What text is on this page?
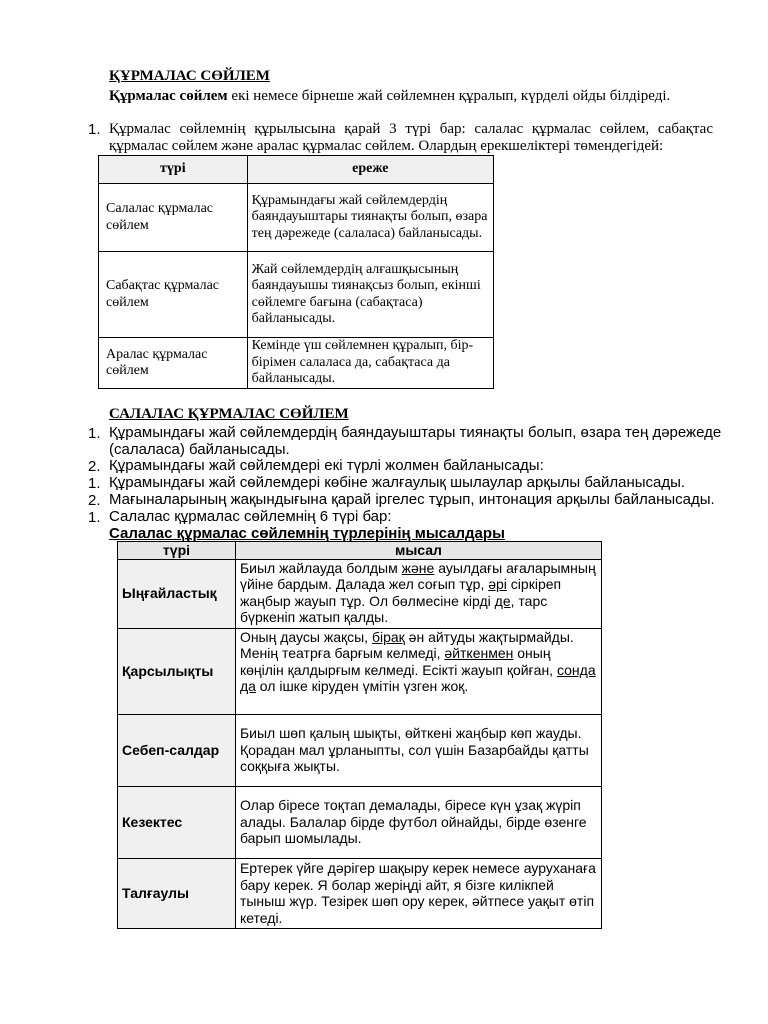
ҚҰРМАЛАС СӨЙЛЕМ
Құрмалас сөйлем екі немесе бірнеше жай сөйлемнен құралып, күрделі ойды білдіреді.
1. Құрмалас сөйлемнің құрылысына қарай 3 түрі бар: салалас құрмалас сөйлем, сабақтас құрмалас сөйлем және аралас құрмалас сөйлем. Олардың ерекшеліктері төмендегідей:
түрі	ереже
Салалас құрмалас сөйлем	Құрамындағы жай сөйлемдердің баяндауыштары тиянақты болып, өзара тең дәрежеде (салаласа) байланысады.
Сабақтас құрмалас сөйлем	Жай сөйлемдердің алғашқысының баяндауышы тиянақсыз болып, екінші сөйлемге бағына (сабақтаса) байланысады.
Аралас құрмалас сөйлем	Кемінде үш сөйлемнен құралып, бір-бірімен салаласа да, сабақтаса да байланысады.
САЛАЛАС ҚҰРМАЛАС СӨЙЛЕМ
1. Құрамындағы жай сөйлемдердің баяндауыштары тиянақты болып, өзара тең дәрежеде
(салаласа) байланысады.
2. Құрамындағы жай сөйлемдері екі түрлі жолмен байланысады:
1. Құрамындағы жай сөйлемдері көбіне жалғаулық шылаулар арқылы байланысады.
2. Мағыналарының жақындығына қарай іргелес тұрып, интонация арқылы байланысады.
1. Салалас құрмалас сөйлемнің 6 түрі бар:
Салалас құрмалас сөйлемнің түрлерінің мысалдары
түрі	мысал
Ыңғайластық	Биыл жайлауда болдым және ауылдағы ағаларымның үйіне бардым. Далада жел соғып тұр, әрі сіркіреп жаңбыр жауып тұр. Ол бөлмесіне кірді де, тарс бүркеніп жатып қалды.
Қарсылықты	Оның даусы жақсы, бірақ ән айтуды жақтырмайды. Менің театрға барғым келмеді, әйткенмен оның көңілін қалдырғым келмеді. Есікті жауып қойған, сонда да ол ішке кіруден үмітін үзген жоқ.
Себеп-салдар	Биыл шөп қалың шықты, өйткені жаңбыр көп жауды. Қорадан мал ұрланыпты, сол үшін Базарбайды қатты соққыға жықты.
Кезектес	Олар біресе тоқтап демалады, біресе күн ұзақ жүріп алады. Балалар бірде футбол ойнайды, бірде өзенге барып шомылады.
Талғаулы	Ертерек үйге дәрігер шақыру керек немесе ауруханаға бару керек. Я болар жеріңді айт, я бізге килікпей тыныш жүр. Тезірек шөп ору керек, әйтпесе уақыт өтіп кетеді.
